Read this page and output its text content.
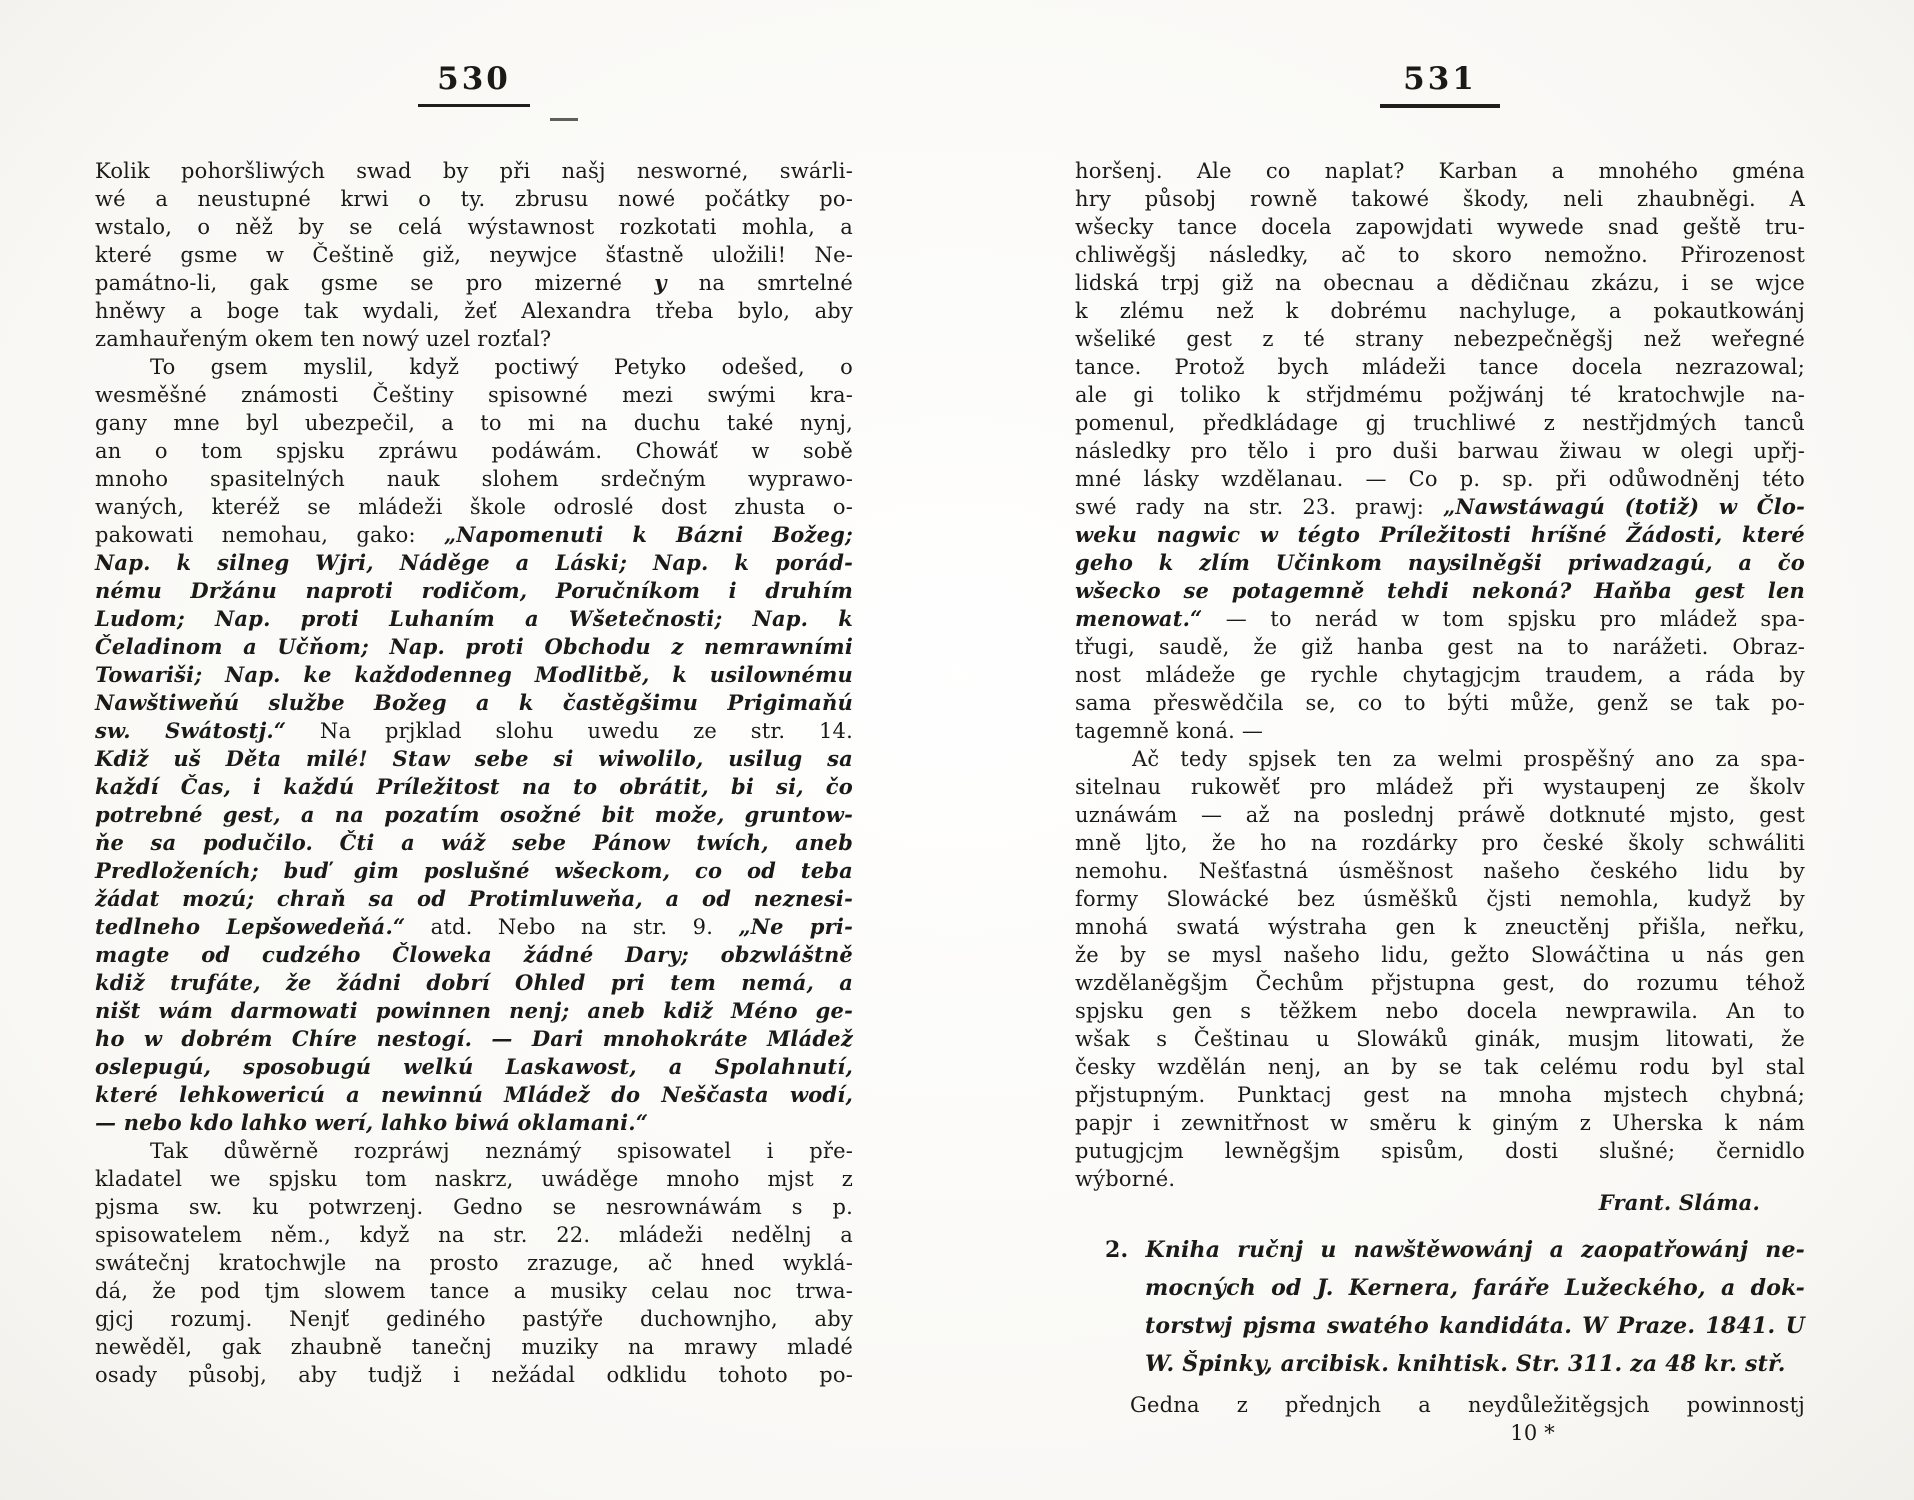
530	531
Kolik pohoršliwých swad by při našj nesworné, swárli-
wé a neustupné krwi o ty. zbrusu nowé počátky po-
wstalo, o něž by se celá wýstawnost rozkotati mohla, a
které gsme w Češtině giž, neywjce šťastně uložili! Ne-
památno-li, gak gsme se pro mizerné y na smrtelné
hněwy a boge tak wydali, žeť Alexandra třeba bylo, aby
zamhauřeným okem ten nowý uzel rozťal?
To gsem myslil, když poctiwý Petyko odešed, o
wesměšné známosti Češtiny spisowné mezi swými kra-
gany mne byl ubezpečil, a to mi na duchu také nynj,
an o tom spjsku zpráwu podáwám. Chowáť w sobě
mnoho spasitelných nauk slohem srdečným wyprawo-
waných, kteréž se mládeži škole odroslé dost zhusta o-
pakowati nemohau, gako: „Napomenuti k Bázni Božeg;
Nap. k silneg Wjri, Náděge a Láski; Nap. k porád-
nému Držánu naproti rodičom, Poručníkom i druhím
Ludom; Nap. proti Luhaním a Wšetečnosti; Nap. k
Čeladinom a Učňom; Nap. proti Obchodu z nemrawními
Towariši; Nap. ke každodenneg Modlitbě, k usilownému
Nawštiweňú službe Božeg a k častěgšimu Prigimaňú
sw. Swátostj.“ Na prjklad slohu uwedu ze str. 14.
Kdiž uš Děta milé! Staw sebe si wiwolilo, usilug sa
každí Čas, i každú Príležitost na to obrátit, bi si, čo
potrebné gest, a na pozatím osožné bit može, gruntow-
ňe sa podučilo. Čti a wáž sebe Pánow twích, aneb
Predloženích; buď gim poslušné wšeckom, co od teba
žádat mozú; chraň sa od Protimluweňa, a od neznesi-
tedlneho Lepšowedeňá.“ atd. Nebo na str. 9. „Ne pri-
magte od cudzého Čloweka žádné Dary; obzwláštně
kdiž trufáte, že žádni dobrí Ohled pri tem nemá, a
ništ wám darmowati powinnen nenj; aneb kdiž Méno ge-
ho w dobrém Chíre nestogí. — Dari mnohokráte Mládež
oslepugú, sposobugú welkú Laskawost, a Spolahnutí,
které lehkowericú a newinnú Mládež do Neščasta wodí,
— nebo kdo lahko werí, lahko biwá oklamani.“
Tak důwěrně rozpráwj neznámý spisowatel i pře-
kladatel we spjsku tom naskrz, uwáděge mnoho mjst z
pjsma sw. ku potwrzenj. Gedno se nesrownáwám s p.
spisowatelem něm., když na str. 22. mládeži nedělnj a
swátečnj kratochwjle na prosto zrazuge, ač hned wyklá-
dá, že pod tjm slowem tance a musiky celau noc trwa-
gjcj rozumj. Nenjť gediného pastýře duchownjho, aby
newěděl, gak zhaubně tanečnj muziky na mrawy mladé
osady působj, aby tudjž i nežádal odklidu tohoto po-
horšenj. Ale co naplat? Karban a mnohého gména
hry působj rowně takowé škody, neli zhaubněgi. A
wšecky tance docela zapowjdati wywede snad geště tru-
chliwěgšj následky, ač to skoro nemožno. Přirozenost
lidská trpj giž na obecnau a dědičnau zkázu, i se wjce
k zlému než k dobrému nachyluge, a pokautkowánj
wšeliké gest z té strany nebezpečněgšj než weřegné
tance. Protož bych mládeži tance docela nezrazowal;
ale gi toliko k střjdmému požjwánj té kratochwjle na-
pomenul, předkládage gj truchliwé z nestřjdmých tanců
následky pro tělo i pro duši barwau žiwau w olegi upřj-
mné lásky wzdělanau. — Co p. sp. při odůwodněnj této
swé rady na str. 23. prawj: „Nawstáwagú (totiž) w Člo-
weku nagwic w tégto Príležitosti hríšné Žádosti, které
geho k zlím Učinkom naysilněgši priwadzagú, a čo
wšecko se potagemně tehdi nekoná? Haňba gest len
menowat.“ — to nerád w tom spjsku pro mládež spa-
třugi, saudě, že giž hanba gest na to narážeti. Obraz-
nost mládeže ge rychle chytagjcjm traudem, a ráda by
sama přeswědčila se, co to býti může, genž se tak po-
tagemně koná. —
Ač tedy spjsek ten za welmi prospěšný ano za spa-
sitelnau rukowěť pro mládež při wystaupenj ze školv
uznáwám — až na poslednj práwě dotknuté mjsto, gest
mně ljto, že ho na rozdárky pro české školy schwáliti
nemohu. Nešťastná úsměšnost našeho českého lidu by
formy Slowácké bez úsměšků čjsti nemohla, kudyž by
mnohá swatá wýstraha gen k zneuctěnj přišla, neřku,
že by se mysl našeho lidu, gežto Slowáčtina u nás gen
wzdělaněgšjm Čechům přjstupna gest, do rozumu téhož
spjsku gen s těžkem nebo docela newprawila. An to
wšak s Češtinau u Slowáků ginák, musjm litowati, že
česky wzdělán nenj, an by se tak celému rodu byl stal
přjstupným. Punktacj gest na mnoha mjstech chybná;
papjr i zewnitřnost w směru k giným z Uherska k nám
putugjcjm lewněgšjm spisům, dosti slušné; černidlo
wýborné.
Frant. Sláma.
2. Kniha ručnj u nawštěwowánj a zaopatřowánj ne-
mocných od J. Kernera, faráře Lužeckého, a dok-
torstwj pjsma swatého kandidáta. W Praze. 1841. U
W. Špinky, arcibisk. knihtisk. Str. 311. za 48 kr. stř.
Gedna z přednjch a neydůležitěgsjch powinnostj
10 *
